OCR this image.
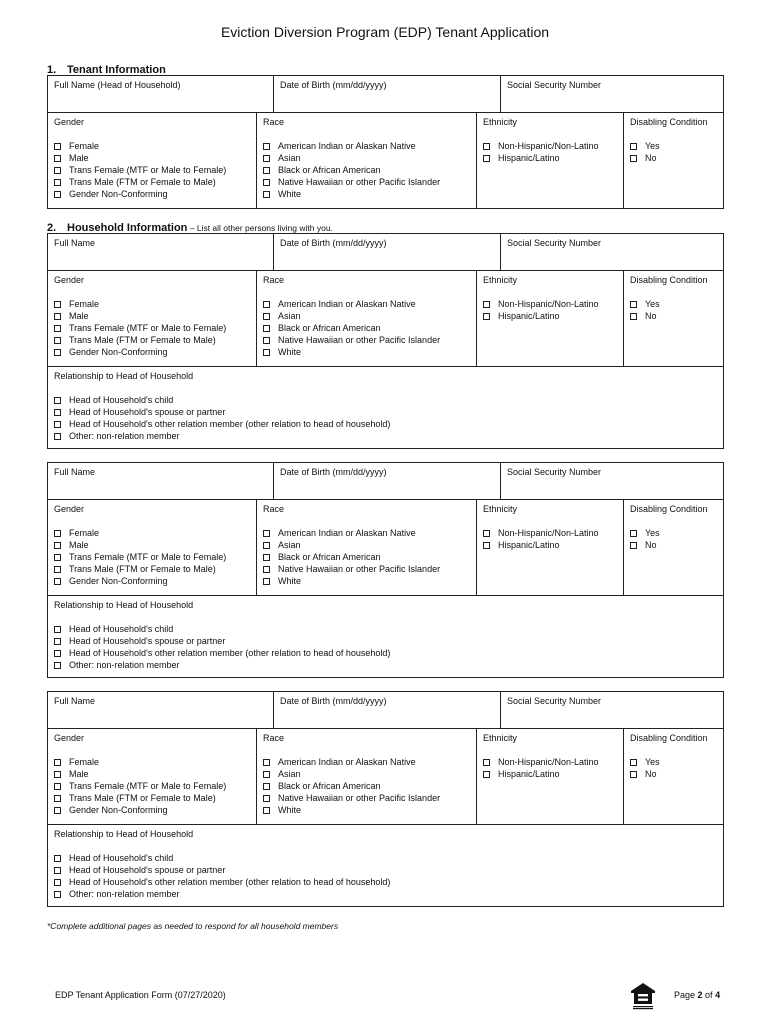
Eviction Diversion Program (EDP) Tenant Application
1. Tenant Information
Full Name (Head of Household)	Date of Birth (mm/dd/yyyy)	Social Security Number
Gender
Female
Male
Trans Female (MTF or Male to Female)
Trans Male (FTM or Female to Male)
Gender Non-Conforming
Race
American Indian or Alaskan Native
Asian
Black or African American
Native Hawaiian or other Pacific Islander
White
Ethnicity
Non-Hispanic/Non-Latino
Hispanic/Latino
Disabling Condition
Yes
No
2. Household Information – List all other persons living with you.
Full Name	Date of Birth (mm/dd/yyyy)	Social Security Number
Gender
Female
Male
Trans Female (MTF or Male to Female)
Trans Male (FTM or Female to Male)
Gender Non-Conforming
Race
American Indian or Alaskan Native
Asian
Black or African American
Native Hawaiian or other Pacific Islander
White
Ethnicity
Non-Hispanic/Non-Latino
Hispanic/Latino
Disabling Condition
Yes
No
Relationship to Head of Household
Head of Household's child
Head of Household's spouse or partner
Head of Household's other relation member (other relation to head of household)
Other: non-relation member
Full Name	Date of Birth (mm/dd/yyyy)	Social Security Number
Gender
Female
Male
Trans Female (MTF or Male to Female)
Trans Male (FTM or Female to Male)
Gender Non-Conforming
Race
American Indian or Alaskan Native
Asian
Black or African American
Native Hawaiian or other Pacific Islander
White
Ethnicity
Non-Hispanic/Non-Latino
Hispanic/Latino
Disabling Condition
Yes
No
Relationship to Head of Household
Head of Household's child
Head of Household's spouse or partner
Head of Household's other relation member (other relation to head of household)
Other: non-relation member
Full Name	Date of Birth (mm/dd/yyyy)	Social Security Number
Gender
Female
Male
Trans Female (MTF or Male to Female)
Trans Male (FTM or Female to Male)
Gender Non-Conforming
Race
American Indian or Alaskan Native
Asian
Black or African American
Native Hawaiian or other Pacific Islander
White
Ethnicity
Non-Hispanic/Non-Latino
Hispanic/Latino
Disabling Condition
Yes
No
Relationship to Head of Household
Head of Household's child
Head of Household's spouse or partner
Head of Household's other relation member (other relation to head of household)
Other: non-relation member
*Complete additional pages as needed to respond for all household members
EDP Tenant Application Form (07/27/2020)	Page 2 of 4
